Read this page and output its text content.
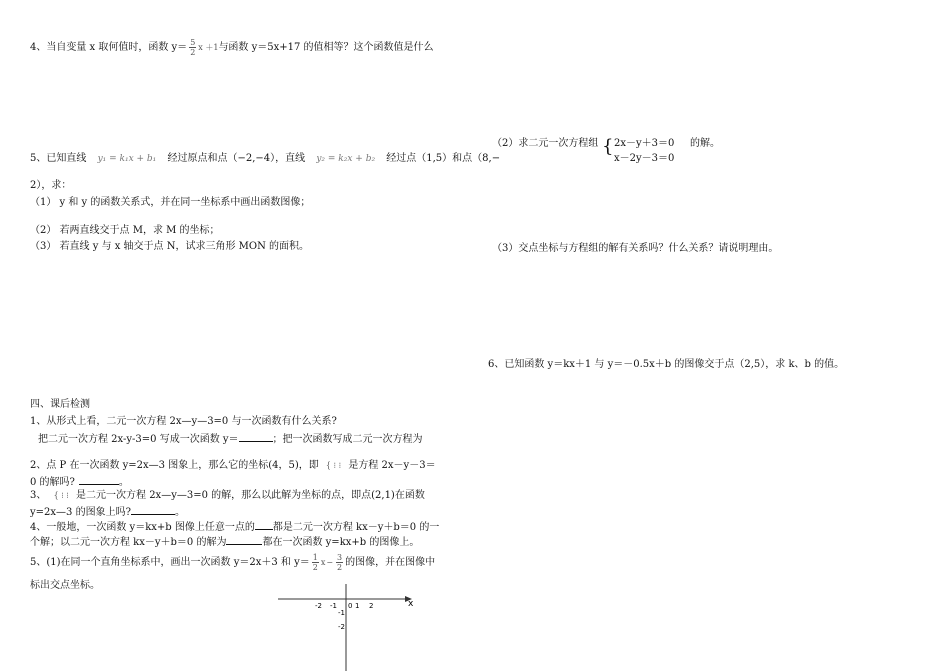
4、当自变量 x 取何值时，函数 $y= \frac{5}{2}$ x ＋1与函数 y＝5x+17 的值相等？这个函数值是什么
5、已知直线 y₁ = k₁x + b₁ 经过原点和点（−2,−4），直线 y₂ = k₂x + b₂ 经过点（1,5）和点（8,−
2），求：
（1） y 和 y 的函数关系式，并在同一坐标系中画出函数图像；
（2） 若两直线交于点 M，求 M 的坐标；
（3） 若直线 y 与 x 轴交于点 N，试求三角形 MON 的面积。
（2）求二元一次方程组 { 2x－y＋3＝0 的解。
x－2y－3＝0
（3）交点坐标与方程组的解有关系吗？什么关系？请说明理由。
6、已知函数 y＝kx＋1 与 y＝－0.5x＋b 的图像交于点（2,5），求 k、b 的值。
四、课后检测
1、从形式上看，二元一次方程 2x—y—3=0 与一次函数有什么关系?
把二元一次方程 2x-y-3=0 写成一次函数 y＝	；把一次函数写成二元一次方程为
2、点 P 在一次函数 y=2x—3 图象上，那么它的坐标(4，5)，即 { ⁝ ⁝ 是方程 2x－y－3＝
0 的解吗?	。
3、 { ⁝ ⁝ 是二元一次方程 2x—y—3=0 的解，那么以此解为坐标的点，即点(2,1)在函数
y=2x—3 的图象上吗?	。
4、一般地，一次函数 y＝kx+b 图像上任意一点的 都是二元一次方程 kx－y＋b＝0 的一
个解；以二元一次方程 kx－y＋b＝0 的解为	都在一次函数 y=kx+b 的图像上。
5、(1)在同一个直角坐标系中，画出一次函数 y＝2x＋3 和 $y= \frac{1}{2} x- \frac{3}{2}$ 的图像，并在图像中
标出交点坐标。
x
-2 -1 0 1 2
-1
-2
